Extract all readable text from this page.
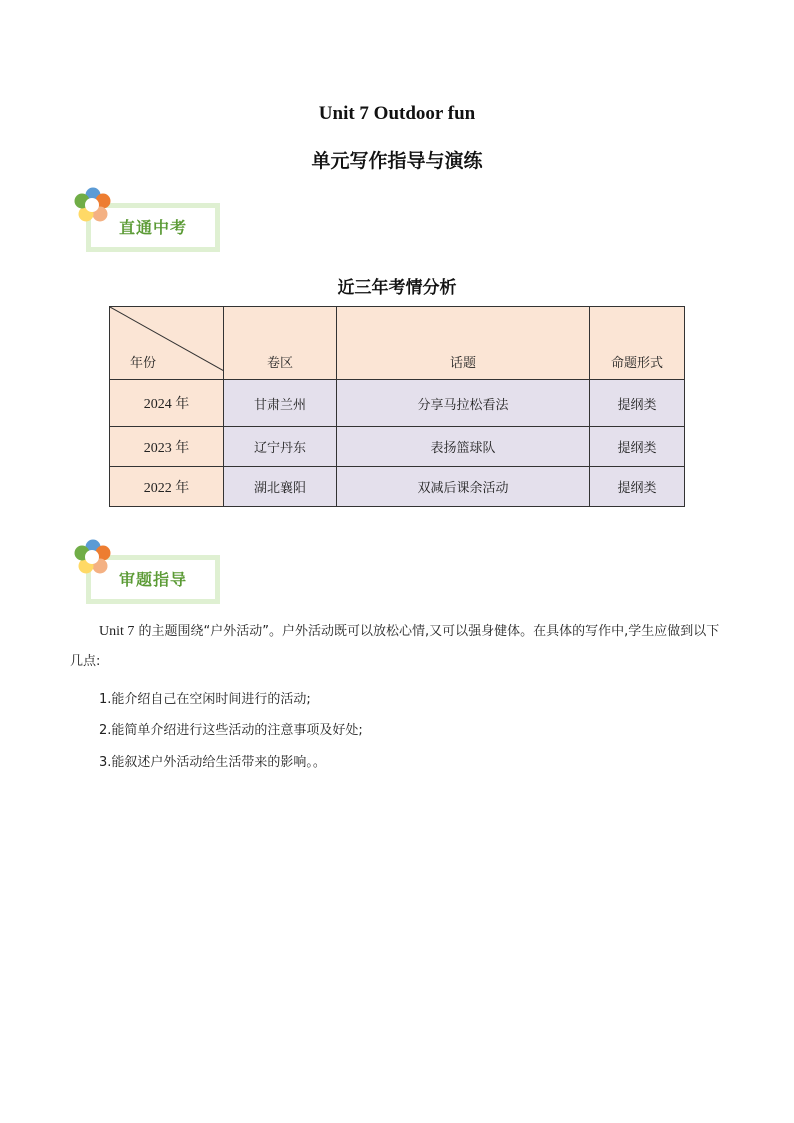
Unit 7 Outdoor fun
单元写作指导与演练
直通中考
近三年考情分析
年份	卷区	话题	命题形式
2024 年	甘肃兰州	分享马拉松看法	提纲类
2023 年	辽宁丹东	表扬篮球队	提纲类
2022 年	湖北襄阳	双减后课余活动	提纲类
审题指导
Unit 7 的主题围绕“户外活动”。户外活动既可以放松心情,又可以强身健体。在具体的写作中,学生应做到以下几点:
1.能介绍自己在空闲时间进行的活动;
2.能简单介绍进行这些活动的注意事项及好处;
3.能叙述户外活动给生活带来的影响。。
